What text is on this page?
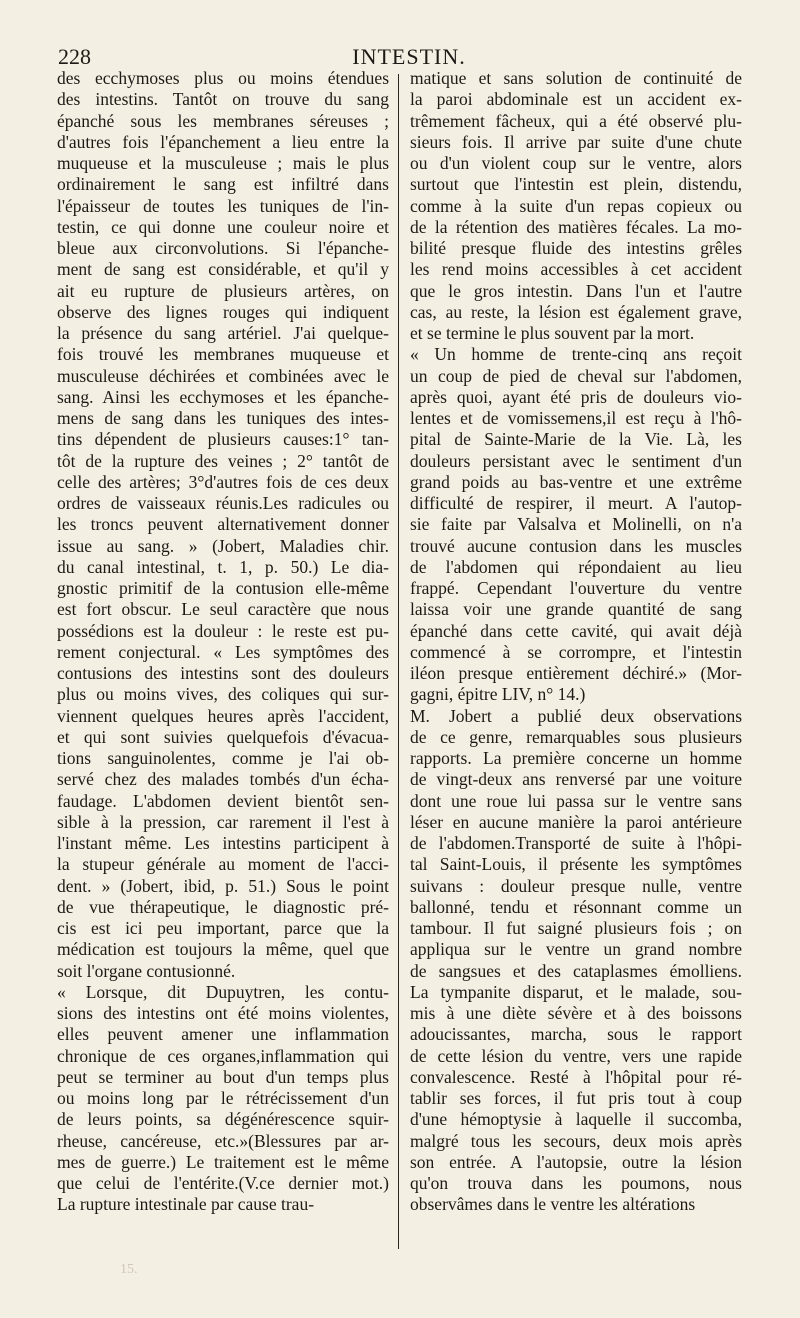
228	INTESTIN.
des ecchymoses plus ou moins étendues
des intestins. Tantôt on trouve du sang
épanché sous les membranes séreuses ;
d'autres fois l'épanchement a lieu entre la
muqueuse et la musculeuse ; mais le plus
ordinairement le sang est infiltré dans
l'épaisseur de toutes les tuniques de l'in-
testin, ce qui donne une couleur noire et
bleue aux circonvolutions. Si l'épanche-
ment de sang est considérable, et qu'il y
ait eu rupture de plusieurs artères, on
observe des lignes rouges qui indiquent
la présence du sang artériel. J'ai quelque-
fois trouvé les membranes muqueuse et
musculeuse déchirées et combinées avec le
sang. Ainsi les ecchymoses et les épanche-
mens de sang dans les tuniques des intes-
tins dépendent de plusieurs causes:1° tan-
tôt de la rupture des veines ; 2° tantôt de
celle des artères; 3°d'autres fois de ces deux
ordres de vaisseaux réunis.Les radicules ou
les troncs peuvent alternativement donner
issue au sang. » (Jobert, Maladies chir.
du canal intestinal, t. 1, p. 50.) Le dia-
gnostic primitif de la contusion elle-même
est fort obscur. Le seul caractère que nous
possédions est la douleur : le reste est pu-
rement conjectural. « Les symptômes des
contusions des intestins sont des douleurs
plus ou moins vives, des coliques qui sur-
viennent quelques heures après l'accident,
et qui sont suivies quelquefois d'évacua-
tions sanguinolentes, comme je l'ai ob-
servé chez des malades tombés d'un écha-
faudage. L'abdomen devient bientôt sen-
sible à la pression, car rarement il l'est à
l'instant même. Les intestins participent à
la stupeur générale au moment de l'acci-
dent. » (Jobert, ibid, p. 51.) Sous le point
de vue thérapeutique, le diagnostic pré-
cis est ici peu important, parce que la
médication est toujours la même, quel que
soit l'organe contusionné.
« Lorsque, dit Dupuytren, les contu-
sions des intestins ont été moins violentes,
elles peuvent amener une inflammation
chronique de ces organes,inflammation qui
peut se terminer au bout d'un temps plus
ou moins long par le rétrécissement d'un
de leurs points, sa dégénérescence squir-
rheuse, cancéreuse, etc.»(Blessures par ar-
mes de guerre.) Le traitement est le même
que celui de l'entérite.(V.ce dernier mot.)
La rupture intestinale par cause trau-
matique et sans solution de continuité de
la paroi abdominale est un accident ex-
trêmement fâcheux, qui a été observé plu-
sieurs fois. Il arrive par suite d'une chute
ou d'un violent coup sur le ventre, alors
surtout que l'intestin est plein, distendu,
comme à la suite d'un repas copieux ou
de la rétention des matières fécales. La mo-
bilité presque fluide des intestins grêles
les rend moins accessibles à cet accident
que le gros intestin. Dans l'un et l'autre
cas, au reste, la lésion est également grave,
et se termine le plus souvent par la mort.
« Un homme de trente-cinq ans reçoit
un coup de pied de cheval sur l'abdomen,
après quoi, ayant été pris de douleurs vio-
lentes et de vomissemens,il est reçu à l'hô-
pital de Sainte-Marie de la Vie. Là, les
douleurs persistant avec le sentiment d'un
grand poids au bas-ventre et une extrême
difficulté de respirer, il meurt. A l'autop-
sie faite par Valsalva et Molinelli, on n'a
trouvé aucune contusion dans les muscles
de l'abdomen qui répondaient au lieu
frappé. Cependant l'ouverture du ventre
laissa voir une grande quantité de sang
épanché dans cette cavité, qui avait déjà
commencé à se corrompre, et l'intestin
iléon presque entièrement déchiré.» (Mor-
gagni, épitre LIV, n° 14.)
M. Jobert a publié deux observations
de ce genre, remarquables sous plusieurs
rapports. La première concerne un homme
de vingt-deux ans renversé par une voiture
dont une roue lui passa sur le ventre sans
léser en aucune manière la paroi antérieure
de l'abdomen.Transporté de suite à l'hôpi-
tal Saint-Louis, il présente les symptômes
suivans : douleur presque nulle, ventre
ballonné, tendu et résonnant comme un
tambour. Il fut saigné plusieurs fois ; on
appliqua sur le ventre un grand nombre
de sangsues et des cataplasmes émolliens.
La tympanite disparut, et le malade, sou-
mis à une diète sévère et à des boissons
adoucissantes, marcha, sous le rapport
de cette lésion du ventre, vers une rapide
convalescence. Resté à l'hôpital pour ré-
tablir ses forces, il fut pris tout à coup
d'une hémoptysie à laquelle il succomba,
malgré tous les secours, deux mois après
son entrée. A l'autopsie, outre la lésion
qu'on trouva dans les poumons, nous
observâmes dans le ventre les altérations
15.
